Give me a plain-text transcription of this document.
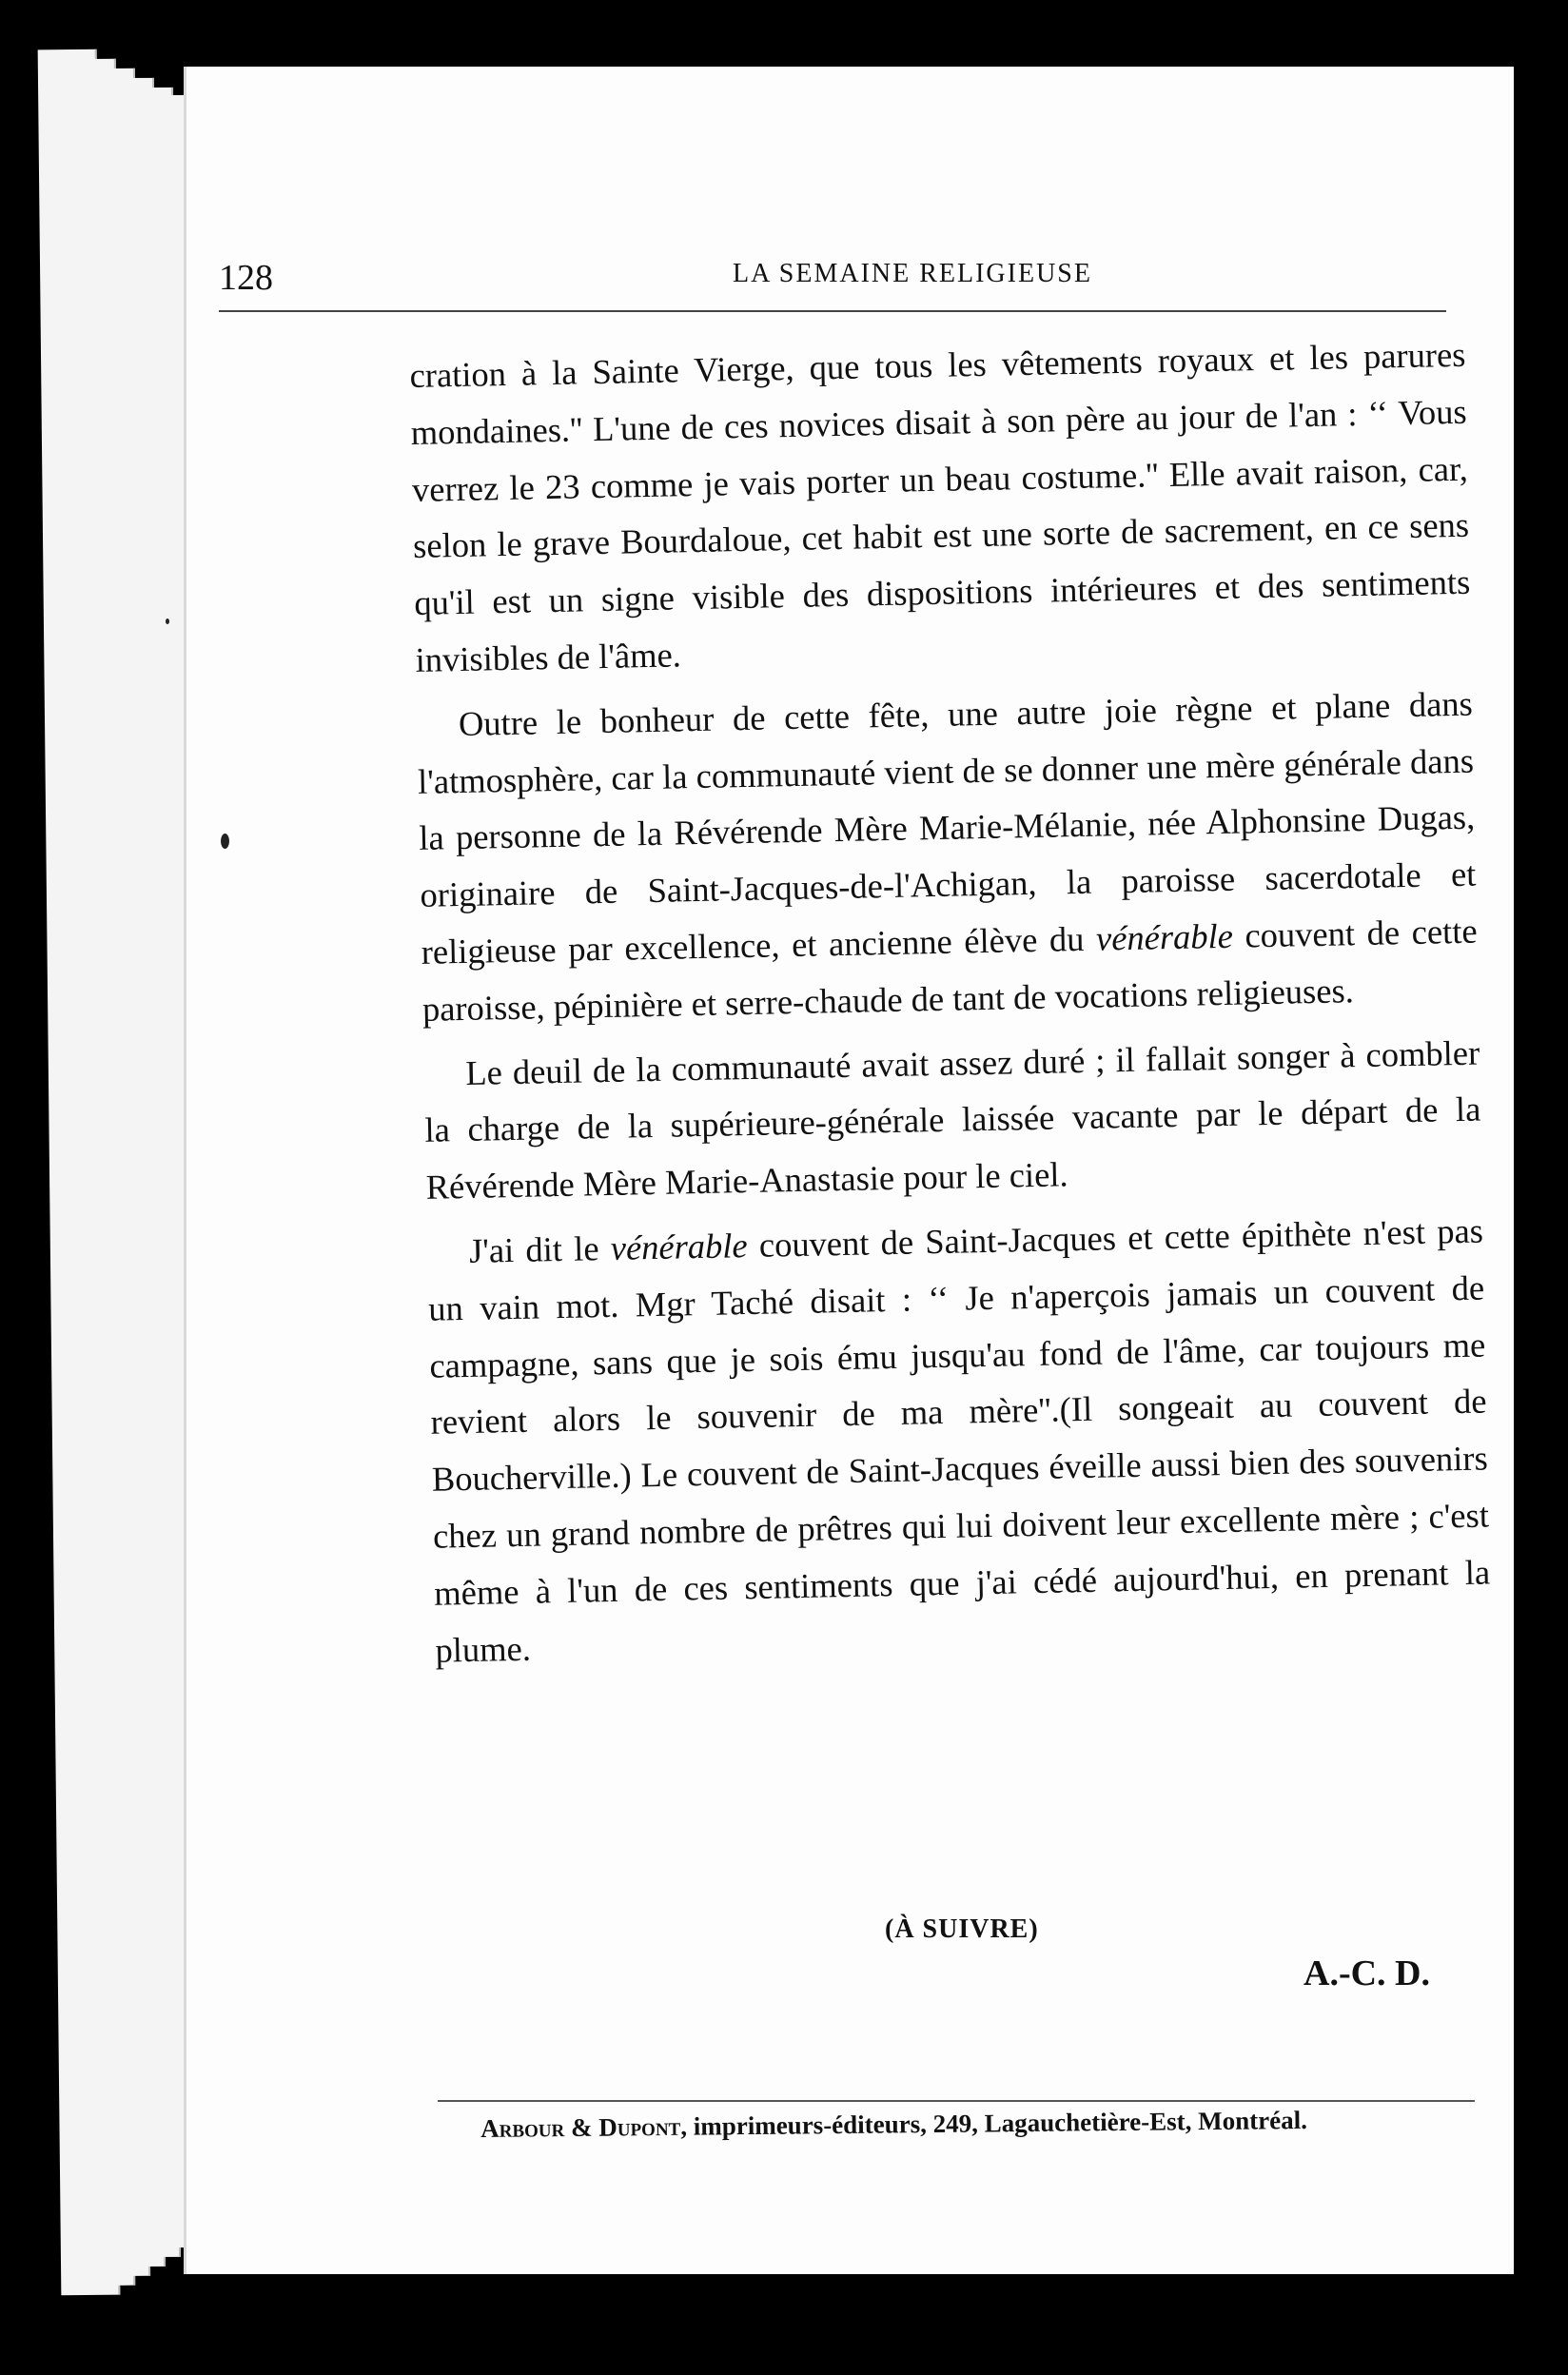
128	LA SEMAINE RELIGIEUSE

cration à la Sainte Vierge, que tous les vêtements royaux et les parures mondaines.'' L'une de ces novices disait à son père au jour de l'an : ‘‘ Vous verrez le 23 comme je vais porter un beau costume.'' Elle avait raison, car, selon le grave Bourdaloue, cet habit est une sorte de sacrement, en ce sens qu'il est un signe visible des dispositions intérieures et des sentiments invisibles de l'âme.

Outre le bonheur de cette fête, une autre joie règne et plane dans l'atmosphère, car la communauté vient de se donner une mère générale dans la personne de la Révérende Mère Marie-Mélanie, née Alphonsine Dugas, originaire de Saint-Jacques-de-l'Achigan, la paroisse sacerdotale et religieuse par excellence, et ancienne élève du vénérable couvent de cette paroisse, pépinière et serre-chaude de tant de vocations religieuses.

Le deuil de la communauté avait assez duré ; il fallait songer à combler la charge de la supérieure-générale laissée vacante par le départ de la Révérende Mère Marie-Anastasie pour le ciel.

J'ai dit le vénérable couvent de Saint-Jacques et cette épithète n'est pas un vain mot. Mgr Taché disait : ‘‘ Je n'aperçois jamais un couvent de campagne, sans que je sois ému jusqu'au fond de l'âme, car toujours me revient alors le souvenir de ma mère''.(Il songeait au couvent de Boucherville.) Le couvent de Saint-Jacques éveille aussi bien des souvenirs chez un grand nombre de prêtres qui lui doivent leur excellente mère ; c'est même à l'un de ces sentiments que j'ai cédé aujourd'hui, en prenant la plume.

(À SUIVRE)
A.-C. D.
Arbour & Dupont, imprimeurs-éditeurs, 249, Lagauchetière-Est, Montréal.
